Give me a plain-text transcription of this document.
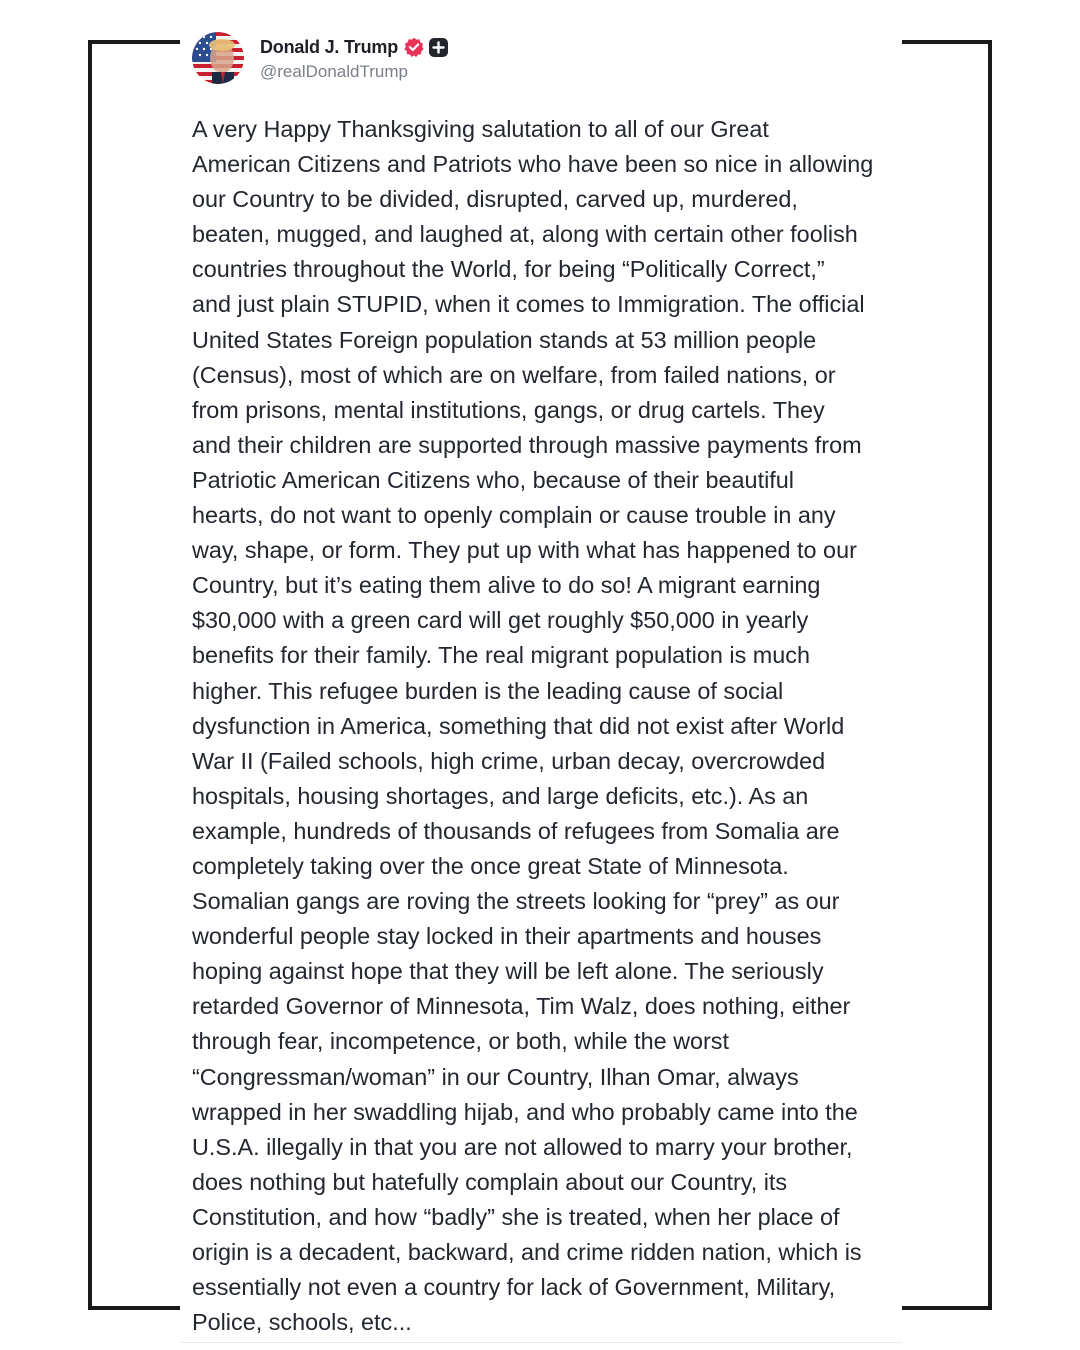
Donald J. Trump
@realDonaldTrump
A very Happy Thanksgiving salutation to all of our Great
American Citizens and Patriots who have been so nice in allowing
our Country to be divided, disrupted, carved up, murdered,
beaten, mugged, and laughed at, along with certain other foolish
countries throughout the World, for being “Politically Correct,”
and just plain STUPID, when it comes to Immigration. The official
United States Foreign population stands at 53 million people
(Census), most of which are on welfare, from failed nations, or
from prisons, mental institutions, gangs, or drug cartels. They
and their children are supported through massive payments from
Patriotic American Citizens who, because of their beautiful
hearts, do not want to openly complain or cause trouble in any
way, shape, or form. They put up with what has happened to our
Country, but it’s eating them alive to do so! A migrant earning
$30,000 with a green card will get roughly $50,000 in yearly
benefits for their family. The real migrant population is much
higher. This refugee burden is the leading cause of social
dysfunction in America, something that did not exist after World
War II (Failed schools, high crime, urban decay, overcrowded
hospitals, housing shortages, and large deficits, etc.). As an
example, hundreds of thousands of refugees from Somalia are
completely taking over the once great State of Minnesota.
Somalian gangs are roving the streets looking for “prey” as our
wonderful people stay locked in their apartments and houses
hoping against hope that they will be left alone. The seriously
retarded Governor of Minnesota, Tim Walz, does nothing, either
through fear, incompetence, or both, while the worst
“Congressman/woman” in our Country, Ilhan Omar, always
wrapped in her swaddling hijab, and who probably came into the
U.S.A. illegally in that you are not allowed to marry your brother,
does nothing but hatefully complain about our Country, its
Constitution, and how “badly” she is treated, when her place of
origin is a decadent, backward, and crime ridden nation, which is
essentially not even a country for lack of Government, Military,
Police, schools, etc...
